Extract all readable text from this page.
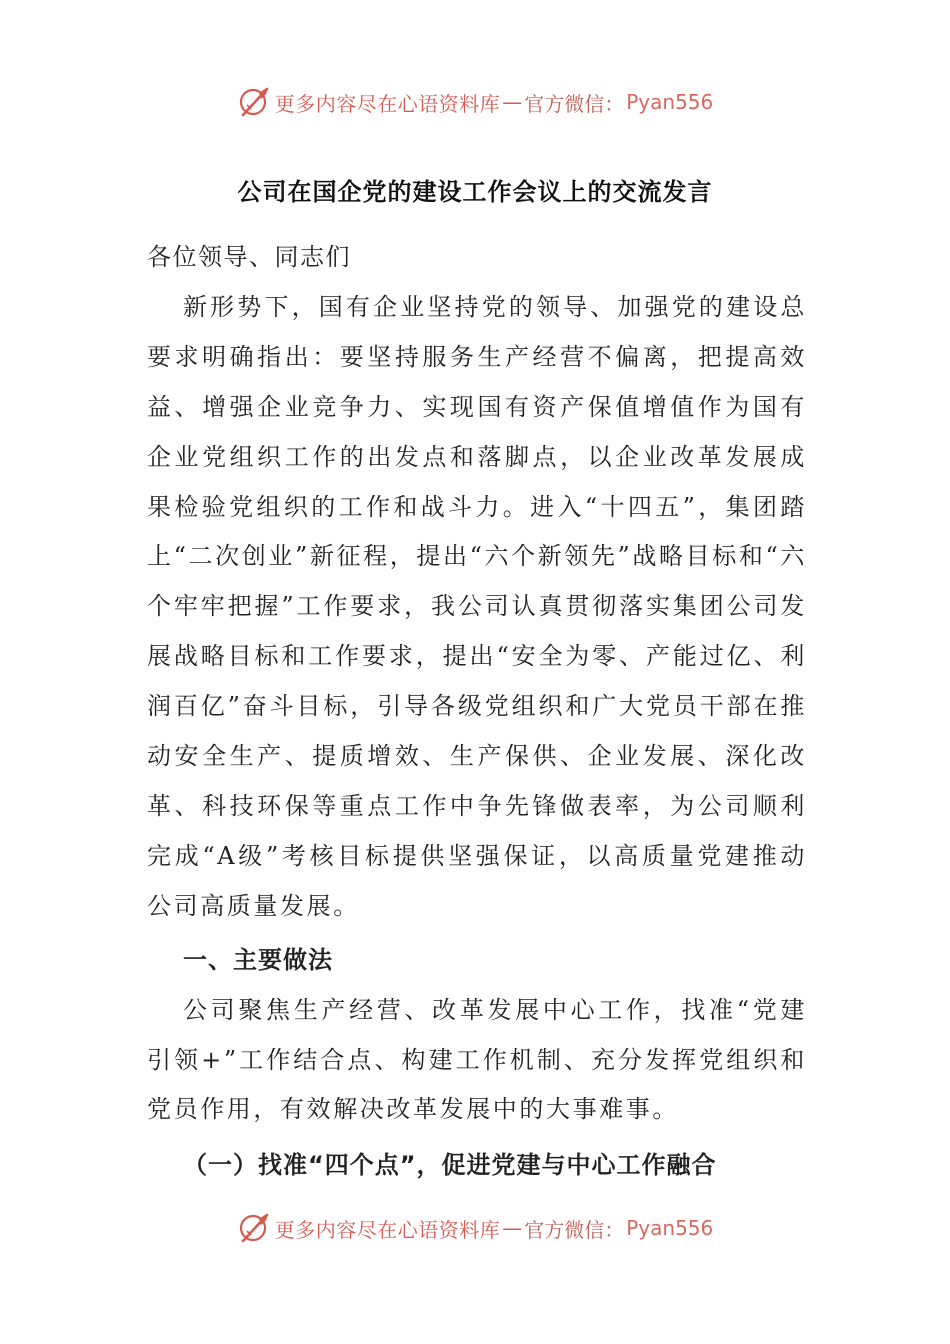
更多内容尽在心语资料库 — 官方微信： Pyan556
公司在国企党的建设工作会议上的交流发言

各位领导、同志们

新形势下，国有企业坚持党的领导、加强党的建设总要求明确指出：要坚持服务生产经营不偏离，把提高效益、增强企业竞争力、实现国有资产保值增值作为国有企业党组织工作的出发点和落脚点，以企业改革发展成果检验党组织的工作和战斗力。进入“十四五”，集团踏上“二次创业”新征程，提出“六个新领先”战略目标和“六个牢牢把握”工作要求，我公司认真贯彻落实集团公司发展战略目标和工作要求，提出“安全为零、产能过亿、利润百亿”奋斗目标，引导各级党组织和广大党员干部在推动安全生产、提质增效、生产保供、企业发展、深化改革、科技环保等重点工作中争先锋做表率，为公司顺利完成“A级”考核目标提供坚强保证，以高质量党建推动公司高质量发展。

一、主要做法

公司聚焦生产经营、改革发展中心工作，找准“党建引领+”工作结合点、构建工作机制、充分发挥党组织和党员作用，有效解决改革发展中的大事难事。

（一）找准“四个点”，促进党建与中心工作融合

更多内容尽在心语资料库 — 官方微信： Pyan556
